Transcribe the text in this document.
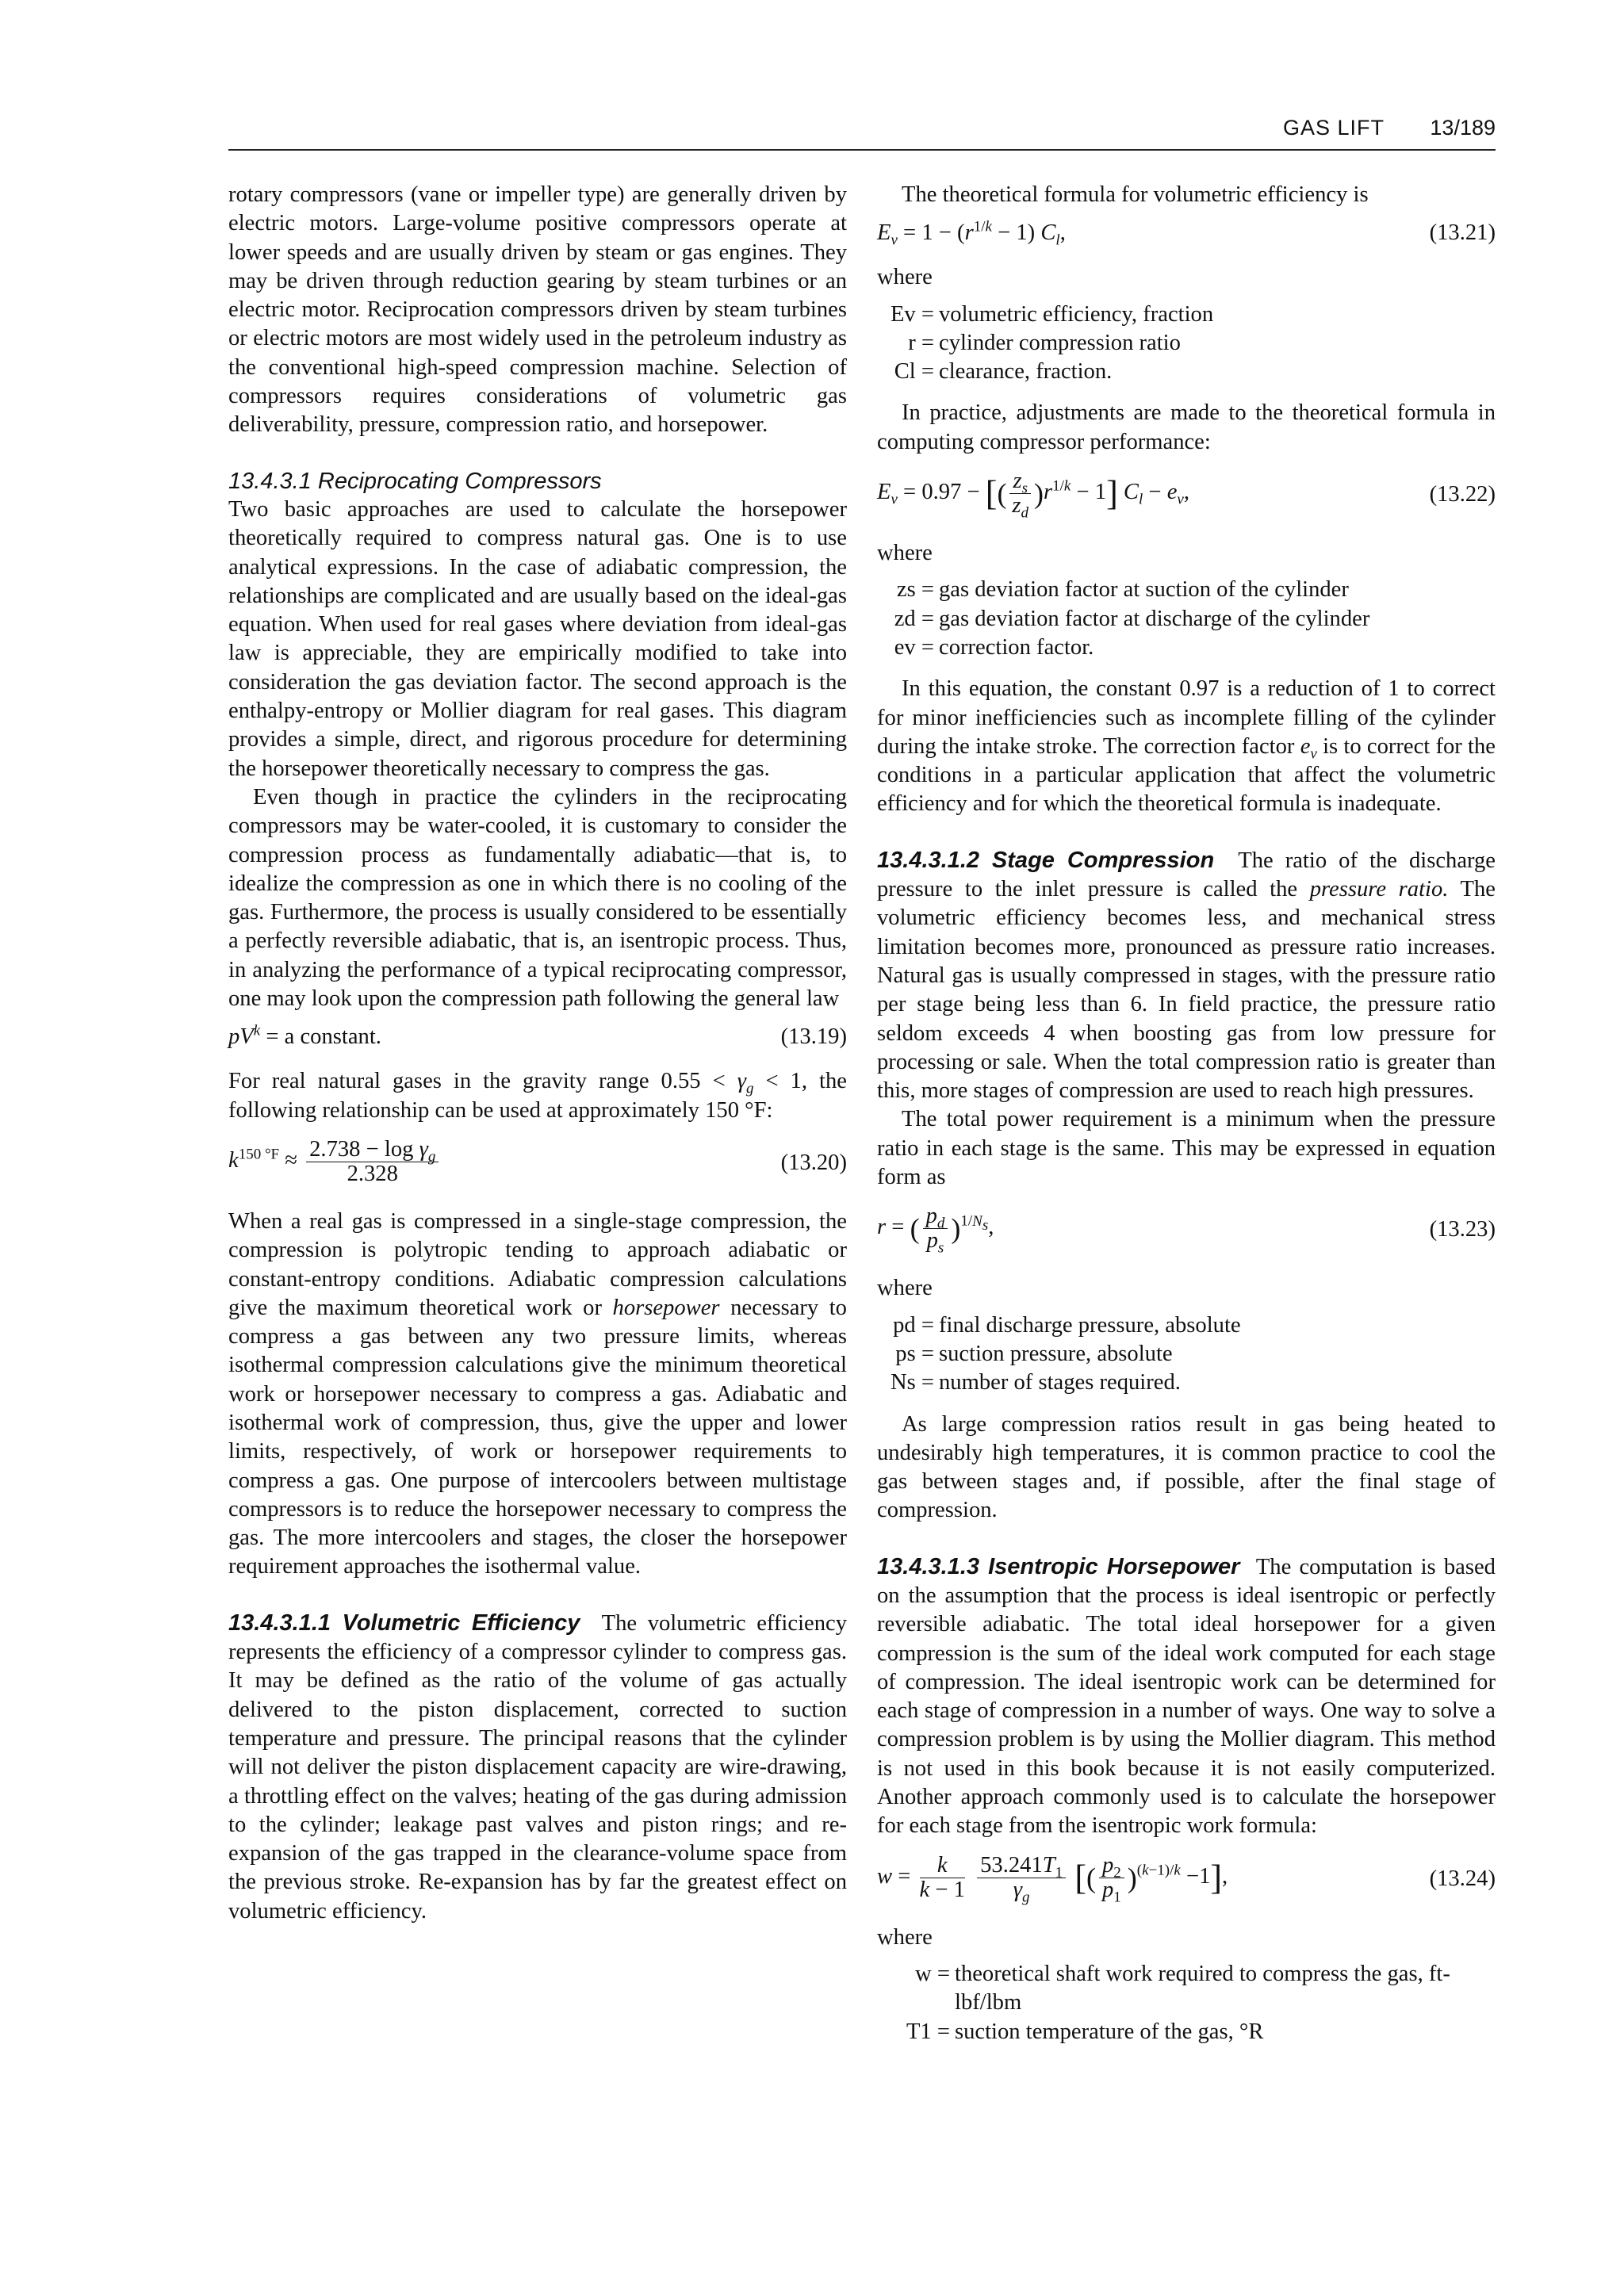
GAS LIFT 13/189

rotary compressors (vane or impeller type) are generally driven by electric motors. Large-volume positive compressors operate at lower speeds and are usually driven by steam or gas engines. They may be driven through reduction gearing by steam turbines or an electric motor. Reciprocation compressors driven by steam turbines or electric motors are most widely used in the petroleum industry as the conventional high-speed compression machine. Selection of compressors requires considerations of volumetric gas deliverability, pressure, compression ratio, and horsepower.

13.4.3.1 Reciprocating Compressors

Two basic approaches are used to calculate the horsepower theoretically required to compress natural gas. One is to use analytical expressions. In the case of adiabatic compression, the relationships are complicated and are usually based on the ideal-gas equation. When used for real gases where deviation from ideal-gas law is appreciable, they are empirically modified to take into consideration the gas deviation factor. The second approach is the enthalpy-entropy or Mollier diagram for real gases. This diagram provides a simple, direct, and rigorous procedure for determining the horsepower theoretically necessary to compress the gas.

Even though in practice the cylinders in the reciprocating compressors may be water-cooled, it is customary to consider the compression process as fundamentally adiabatic—that is, to idealize the compression as one in which there is no cooling of the gas. Furthermore, the process is usually considered to be essentially a perfectly reversible adiabatic, that is, an isentropic process. Thus, in analyzing the performance of a typical reciprocating compressor, one may look upon the compression path following the general law

$pV^k = a$ constant.	(13.19)

For real natural gases in the gravity range $0.55 < \gamma_g < 1$, the following relationship can be used at approximately 150 °F:

$k^{150 ^\circ F} \approx \frac{2.738 - \log \gamma_g}{2.328}$	(13.20)

When a real gas is compressed in a single-stage compression, the compression is polytropic tending to approach adiabatic or constant-entropy conditions. Adiabatic compression calculations give the maximum theoretical work or horsepower necessary to compress a gas between any two pressure limits, whereas isothermal compression calculations give the minimum theoretical work or horsepower necessary to compress a gas. Adiabatic and isothermal work of compression, thus, give the upper and lower limits, respectively, of work or horsepower requirements to compress a gas. One purpose of intercoolers between multistage compressors is to reduce the horsepower necessary to compress the gas. The more intercoolers and stages, the closer the horsepower requirement approaches the isothermal value.

13.4.3.1.1 Volumetric Efficiency The volumetric efficiency represents the efficiency of a compressor cylinder to compress gas. It may be defined as the ratio of the volume of gas actually delivered to the piston displacement, corrected to suction temperature and pressure. The principal reasons that the cylinder will not deliver the piston displacement capacity are wire-drawing, a throttling effect on the valves; heating of the gas during admission to the cylinder; leakage past valves and piston rings; and re-expansion of the gas trapped in the clearance-volume space from the previous stroke. Re-expansion has by far the greatest effect on volumetric efficiency.

The theoretical formula for volumetric efficiency is

$E_v = 1 - (r^{1/k} - 1)$ $C_l$,	(13.21)
where
Ev = volumetric efficiency, fraction
r = cylinder compression ratio
Cl = clearance, fraction.

In practice, adjustments are made to the theoretical formula in computing compressor performance:

$E_v = 0.97$ − [( $\frac{z_s}{z_d} )r^{1/k} - 1$] $C_l - e_v$,	(13.22)
where
zs = gas deviation factor at suction of the cylinder
zd = gas deviation factor at discharge of the cylinder
ev = correction factor.

In this equation, the constant 0.97 is a reduction of 1 to correct for minor inefficiencies such as incomplete filling of the cylinder during the intake stroke. The correction factor $e_v$ is to correct for the conditions in a particular application that affect the volumetric efficiency and for which the theoretical formula is inadequate.

13.4.3.1.2 Stage Compression The ratio of the discharge pressure to the inlet pressure is called the pressure ratio. The volumetric efficiency becomes less, and mechanical stress limitation becomes more, pronounced as pressure ratio increases. Natural gas is usually compressed in stages, with the pressure ratio per stage being less than 6. In field practice, the pressure ratio seldom exceeds 4 when boosting gas from low pressure for processing or sale. When the total compression ratio is greater than this, more stages of compression are used to reach high pressures.

The total power requirement is a minimum when the pressure ratio in each stage is the same. This may be expressed in equation form as

r = ( $\frac{p_d}{p_s} )^{1/N_s}$,	(13.23)
where
pd = final discharge pressure, absolute
ps = suction pressure, absolute
Ns = number of stages required.

As large compression ratios result in gas being heated to undesirably high temperatures, it is common practice to cool the gas between stages and, if possible, after the final stage of compression.

13.4.3.1.3 Isentropic Horsepower The computation is based on the assumption that the process is ideal isentropic or perfectly reversible adiabatic. The total ideal horsepower for a given compression is the sum of the ideal work computed for each stage of compression. The ideal isentropic work can be determined for each stage of compression in a number of ways. One way to solve a compression problem is by using the Mollier diagram. This method is not used in this book because it is not easily computerized. Another approach commonly used is to calculate the horsepower for each stage from the isentropic work formula:

$w = \frac{k}{k - 1}$
$\frac{53.241T_1}{\gamma_g}$ [( $\frac{p_2}{p_1} )^{(k-1)/k} -1$],	(13.24)
where
w = theoretical shaft work required to compress the gas, ft-lbf/lbm
T1 = suction temperature of the gas, °R
